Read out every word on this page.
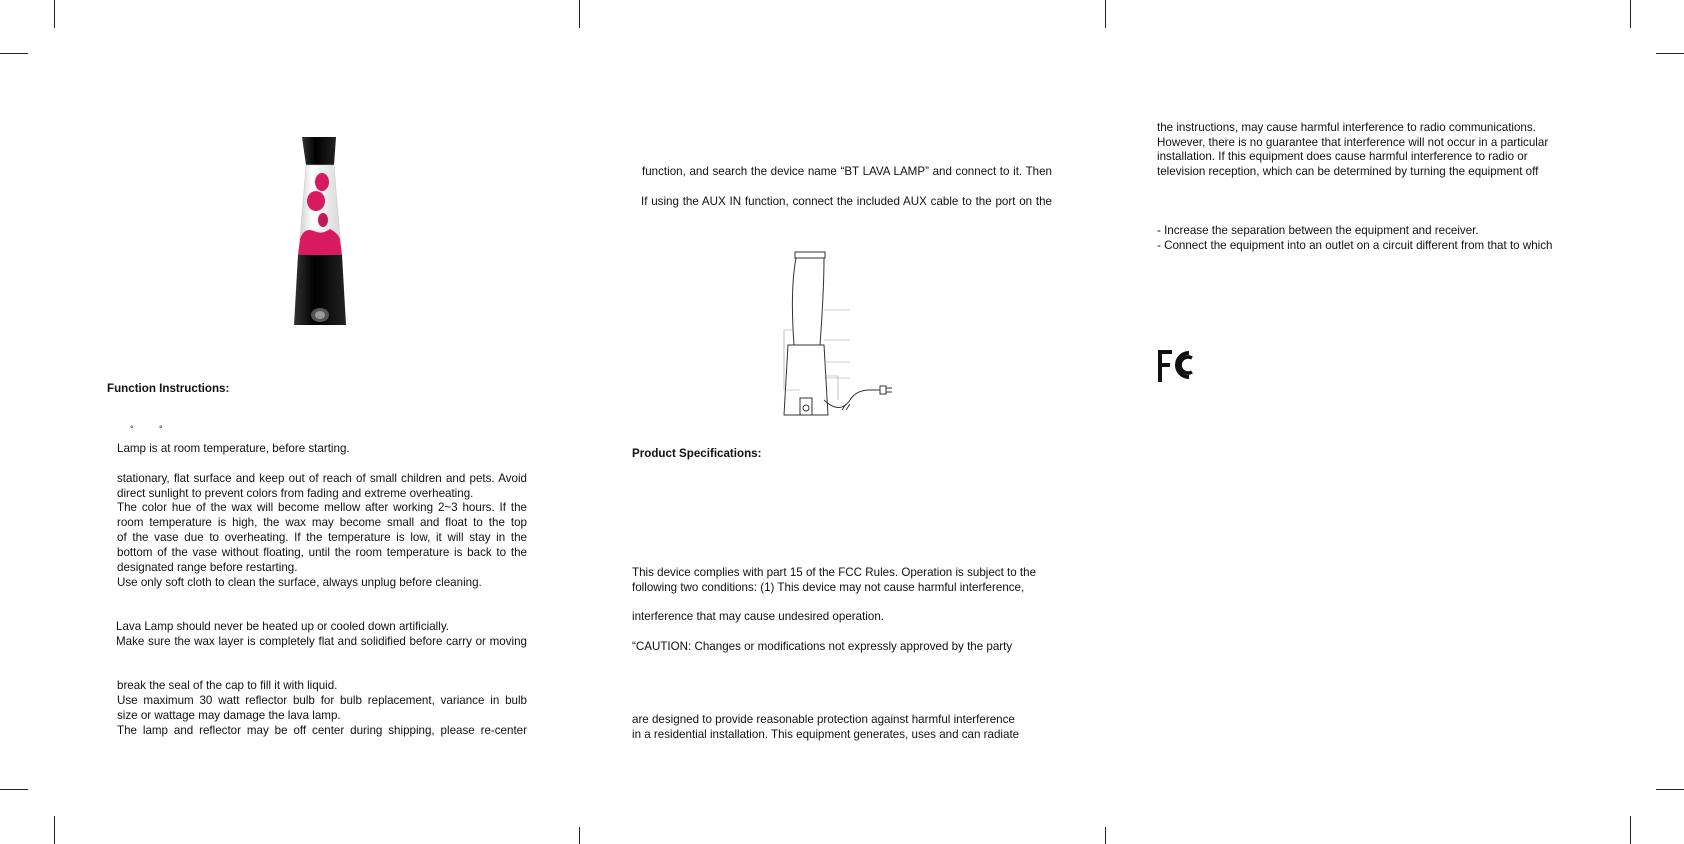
Function Instructions:
°	°
Lamp is at room temperature, before starting.
stationary, flat surface and keep out of reach of small children and pets. Avoid
direct sunlight to prevent colors from fading and extreme overheating.
The color hue of the wax will become mellow after working 2~3 hours. If the
room temperature is high, the wax may become small and float to the top
of the vase due to overheating. If the temperature is low, it will stay in the
bottom of the vase without floating, until the room temperature is back to the
designated range before restarting.
Use only soft cloth to clean the surface, always unplug before cleaning.
Lava Lamp should never be heated up or cooled down artificially.
Make sure the wax layer is completely flat and solidified before carry or moving
break the seal of the cap to fill it with liquid.
Use maximum 30 watt reflector bulb for bulb replacement, variance in bulb
size or wattage may damage the lava lamp.
The lamp and reflector may be off center during shipping, please re-center
function, and search the device name “BT LAVA LAMP” and connect to it. Then
If using the AUX IN function, connect the included AUX cable to the port on the
Product Specifications:
This device complies with part 15 of the FCC Rules. Operation is subject to the
following two conditions: (1) This device may not cause harmful interference,
interference that may cause undesired operation.
“CAUTION: Changes or modifications not expressly approved by the party
are designed to provide reasonable protection against harmful interference
in a residential installation. This equipment generates, uses and can radiate
the instructions, may cause harmful interference to radio communications.
However, there is no guarantee that interference will not occur in a particular
installation. If this equipment does cause harmful interference to radio or
television reception, which can be determined by turning the equipment off
- Increase the separation between the equipment and receiver.
- Connect the equipment into an outlet on a circuit different from that to which
